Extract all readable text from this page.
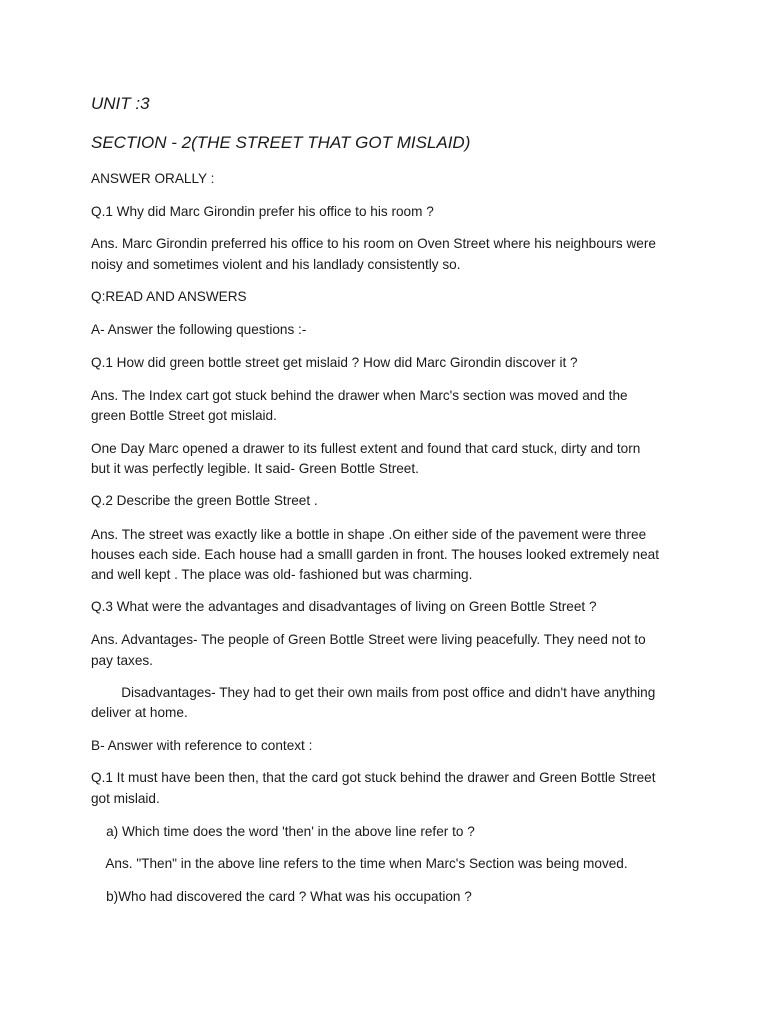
UNIT :3

SECTION - 2(THE STREET THAT GOT MISLAID)

ANSWER ORALLY :

Q.1 Why did Marc Girondin prefer his office to his room ?

Ans. Marc Girondin preferred his office to his room on Oven Street where his neighbours were

noisy and sometimes violent and his landlady consistently so.

Q:READ AND ANSWERS

A- Answer the following questions :-

Q.1 How did green bottle street get mislaid ? How did Marc Girondin discover it ?

Ans. The Index cart got stuck behind the drawer when Marc's section was moved and the

green Bottle Street got mislaid.

One Day Marc opened a drawer to its fullest extent and found that card stuck, dirty and torn

but it was perfectly legible. It said- Green Bottle Street.

Q.2 Describe the green Bottle Street .

Ans. The street was exactly like a bottle in shape .On either side of the pavement were three

houses each side. Each house had a smalll garden in front. The houses looked extremely neat

and well kept . The place was old- fashioned but was charming.

Q.3 What were the advantages and disadvantages of living on Green Bottle Street ?

Ans. Advantages- The people of Green Bottle Street were living peacefully. They need not to

pay taxes.

Disadvantages- They had to get their own mails from post office and didn't have anything

deliver at home.

B- Answer with reference to context :

Q.1 It must have been then, that the card got stuck behind the drawer and Green Bottle Street

got mislaid.

a) Which time does the word 'then' in the above line refer to ?

Ans. "Then" in the above line refers to the time when Marc's Section was being moved.

b)Who had discovered the card ? What was his occupation ?
